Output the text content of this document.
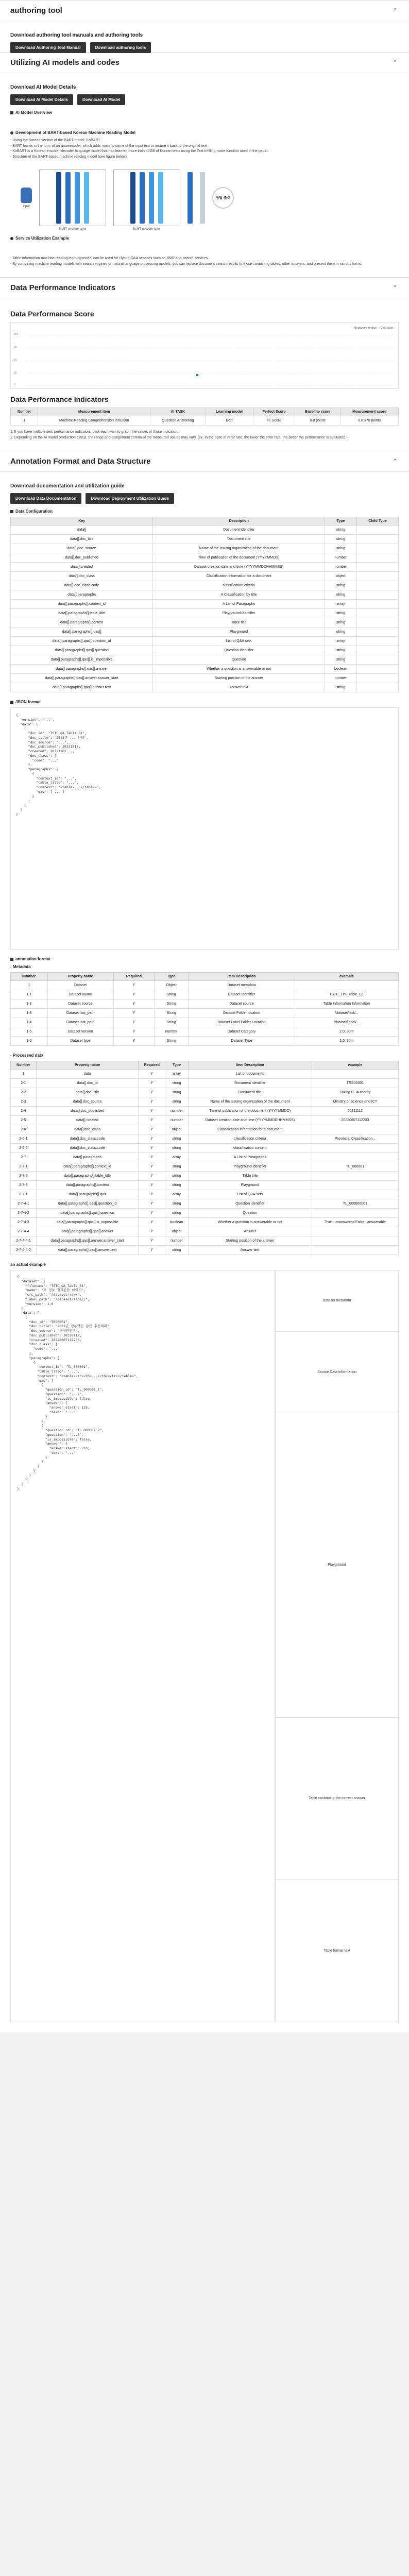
authoring tool	⌃
Download authoring tool manuals and authoring tools
Download Authoring Tool Manual	Download authoring tools
Utilizing AI models and codes	⌃
Download AI Model Details
Download AI Model Details	Download AI Model
AI Model Overview
Development of BART-based Korean Machine Reading Model
- Using the Korean version of the BART model, KoBART
- BART learns in the form of an autoencoder, which adds noise to some of the input text to restore it back to the original text
- KoBART is a Korean encoder-decoder language model that has learned more than 40GB of Korean texts using the Text Infilling noise function used in the paper.
- Structure of the BART-based machine reading model (see figure below)
input
BART encoder layer	BART decoder layer
정답 출력
Service Utilization Example
- Table information machine reading learning model can be used for Hybrid Q&A services such as BMR and search services.
- By combining machine reading models with search engines or natural language processing models, you can replace document search results to those containing tables, other answers, and present them in various forms.
Data Performance Indicators	⌃
Data Performance Score
Measurement value Goal value
100
75
50
25
0
Data Performance Indicators
Number	Measurement item	AI TASK	Learning model	Perfect Score	Baseline score	Measurement score
1	Machine Reading Comprehension Inclusion	Question Answering	Bert	F1 Score	0.8 points	0.81/70 points
1. If you have multiple sets performance indicators, click each item to graph the values of those indicators.
2. Depending on the AI model production status, the range and assignment criteria of the measured values may vary. (ex. In the case of error rate, the lower the error rate, the better the performance is evaluated.)
Annotation Format and Data Structure	⌃
Download documentation and utilization guide
Download Data Documentation	Download Deployment Utilization Guide
Data Configuration
Key	Description	Type	Child Type
data[]	Document Identifier	string	
data[].doc_title	Document title	string	
data[].doc_source	Name of the issuing organization of the document	string	
data[].doc_published	Time of publication of the document (YYYYMMDD)	number	
data[].created	Dataset creation date and time (YYYYMMDDHHMMSS)	number	
data[].doc_class	Classification information for a document	object	
data[].doc_class.code	classification criteria	string	
data[].paragraphs	A Classification by title	string	
data[].paragraphs[].context_id	A List of Paragraphs	array	
data[].paragraphs[].table_title	Playground identifier	string	
data[].paragraphs[].context	Table title	string	
data[].paragraphs[].qas[]	Playground	string	
data[].paragraphs[].qas[].question_id	List of Q&A sets	array	
data[].paragraphs[].qas[].question	Question identifier	string	
data[].paragraphs[].qas[].is_impossible	Question	string	
data[].paragraphs[].qas[].answer	Whether a question is answerable or not	boolean	
data[].paragraphs[].qas[].answer.answer_start	Starting position of the answer	number	
data[].paragraphs[].qas[].answer.text	Answer text	string	
JSON format
{
"version": "...",
"data": [
{
"doc_id": "TSTC_QA_Table_01",
"doc_title": "2022년 ... 안내",
"doc_source": "...",
"doc_published": 20221013,
"created": 20221201...,
"doc_class": {
"code": "..."
},
"paragraphs": [
{
"context_id": "...",
"table_title": "...",
"context": "<table>...</table>",
"qas": [ ... ]
}
]
}
]
}
annotation format
- Metadata
Number	Property name	Required	Type	Item Description	example
1	Dataset	Y	Object	Dataset metadata	
1-1	Dataset Name	Y	String	Dataset Identifier	TSTC_Lim_Table_C1
1-2	Dataset source	Y	String	Dataset source	Table Information Information
1-3	Dataset last_path	Y	String	Dataset Folder location	/dataset/last/...
1-4	Dataset last_path	Y	String	Dataset Label Folder Location	/dataset/label/...
1-5	Dataset version	Y	number	Dataset Category	2.0, 30m
1-6	Dataset type	Y	String	Dataset Type	2.0, 30m
- Processed data
Number	Property name	Required	Type	Item Description	example
1	data	Y	array	List of documents	
2-1	data[].doc_id	Y	string	Document identifier	TRS00001
2-2	data[].doc_title	Y	string	Document title	Taxing P...Authority
2-3	data[].doc_source	Y	string	Name of the issuing organization of the document	Ministry of Science and ICT
2-4	data[].doc_published	Y	number	Time of publication of the document (YYYYMMDD)	20211112
2-5	data[].created	Y	number	Dataset creation date and time (YYYYMMDDHHMMSS)	20220607112233
2-6	data[].doc_class	Y	object	Classification information for a document	
2-6-1	data[].doc_class.code	Y	string	classification criteria	Provincial Classification...
2-6-2	data[].doc_class.code	Y	string	classification content	
2-7	data[].paragraphs	Y	array	A List of Paragraphs	
2-7-1	data[].paragraphs[].context_id	Y	string	Playground identifier	TL_000001
2-7-2	data[].paragraphs[].table_title	Y	string	Table title	
2-7-3	data[].paragraphs[].context	Y	string	Playground	
2-7-4	data[].paragraphs[].qas	Y	array	List of Q&A sets	
2-7-4-1	data[].paragraphs[].qas[].question_id	Y	string	Question identifier	TL_000000001
2-7-4-2	data[].paragraphs[].qas[].question	Y	string	Question	
2-7-4-3	data[].paragraphs[].qas[].is_impossible	Y	boolean	Whether a question is answerable or not	True : unanswered False : answerable
2-7-4-4	data[].paragraphs[].qas[].answer	Y	object	Answer	
2-7-4-4-1	data[].paragraphs[].qas[].answer.answer_start	Y	number	Starting position of the answer	
2-7-4-4-2	data[].paragraphs[].qas[].answer.text	Y	string	Answer text	
an actual example
{
"dataset": {
"filename": "TSTC_QA_Table_01",
"name": "표 정보 질의응답 데이터",
"src_path": "/dataset/raw/",
"label_path": "/dataset/label/",
"version": 1.0
},
"data": [
{
"doc_id": "TRS0001",
"doc_title": "2021년 정부혁신 종합 추진계획",
"doc_source": "행정안전부",
"doc_published": 20210112,
"created": 20220607112233,
"doc_class": {
"code": "..."
},
"paragraphs": [
{
"context_id": "TL_000001",
"table_title": "...",
"context": "<table><tr><th>...</th></tr></table>",
"qas": [
{
"question_id": "TL_000001_1",
"question": "...?",
"is_impossible": false,
"answer": {
"answer_start": 125,
"text": "..."
}
},
{
"question_id": "TL_000001_2",
"question": "...?",
"is_impossible": false,
"answer": {
"answer_start": 210,
"text": "..."
}
}
]
}
]
}
]
}
Dataset metadata
Source Data Information
Playground
Table containing the correct answer
Table format text
